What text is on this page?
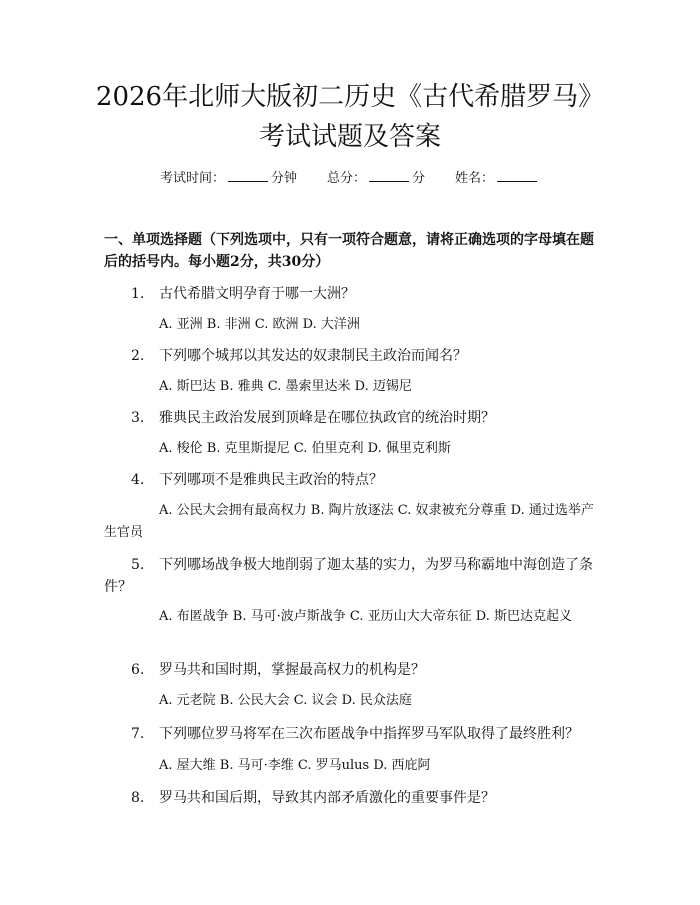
2026年北师大版初二历史《古代希腊罗马》
考试试题及答案
考试时间：	分钟 总分：	分 姓名：
一、单项选择题（下列选项中，只有一项符合题意，请将正确选项的字母填在题后的括号内。每小题2分，共30分）
1. 古代希腊文明孕育于哪一大洲？
A. 亚洲 B. 非洲 C. 欧洲 D. 大洋洲
2. 下列哪个城邦以其发达的奴隶制民主政治而闻名？
A. 斯巴达 B. 雅典 C. 墨索里达米 D. 迈锡尼
3. 雅典民主政治发展到顶峰是在哪位执政官的统治时期？
A. 梭伦 B. 克里斯提尼 C. 伯里克利 D. 佩里克利斯
4. 下列哪项不是雅典民主政治的特点？
A. 公民大会拥有最高权力 B. 陶片放逐法 C. 奴隶被充分尊重 D. 通过选举产生官员
5.	下列哪场战争极大地削弱了迦太基的实力，为罗马称霸地中海创造了条件？
A. 布匿战争 B. 马可·波卢斯战争 C. 亚历山大大帝东征 D. 斯巴达克起义
6. 罗马共和国时期，掌握最高权力的机构是？
A. 元老院 B. 公民大会 C. 议会 D. 民众法庭
7. 下列哪位罗马将军在三次布匿战争中指挥罗马军队取得了最终胜利？
A. 屋大维 B. 马可·李维 C. 罗马ulus D. 西庇阿
8. 罗马共和国后期，导致其内部矛盾激化的重要事件是？
